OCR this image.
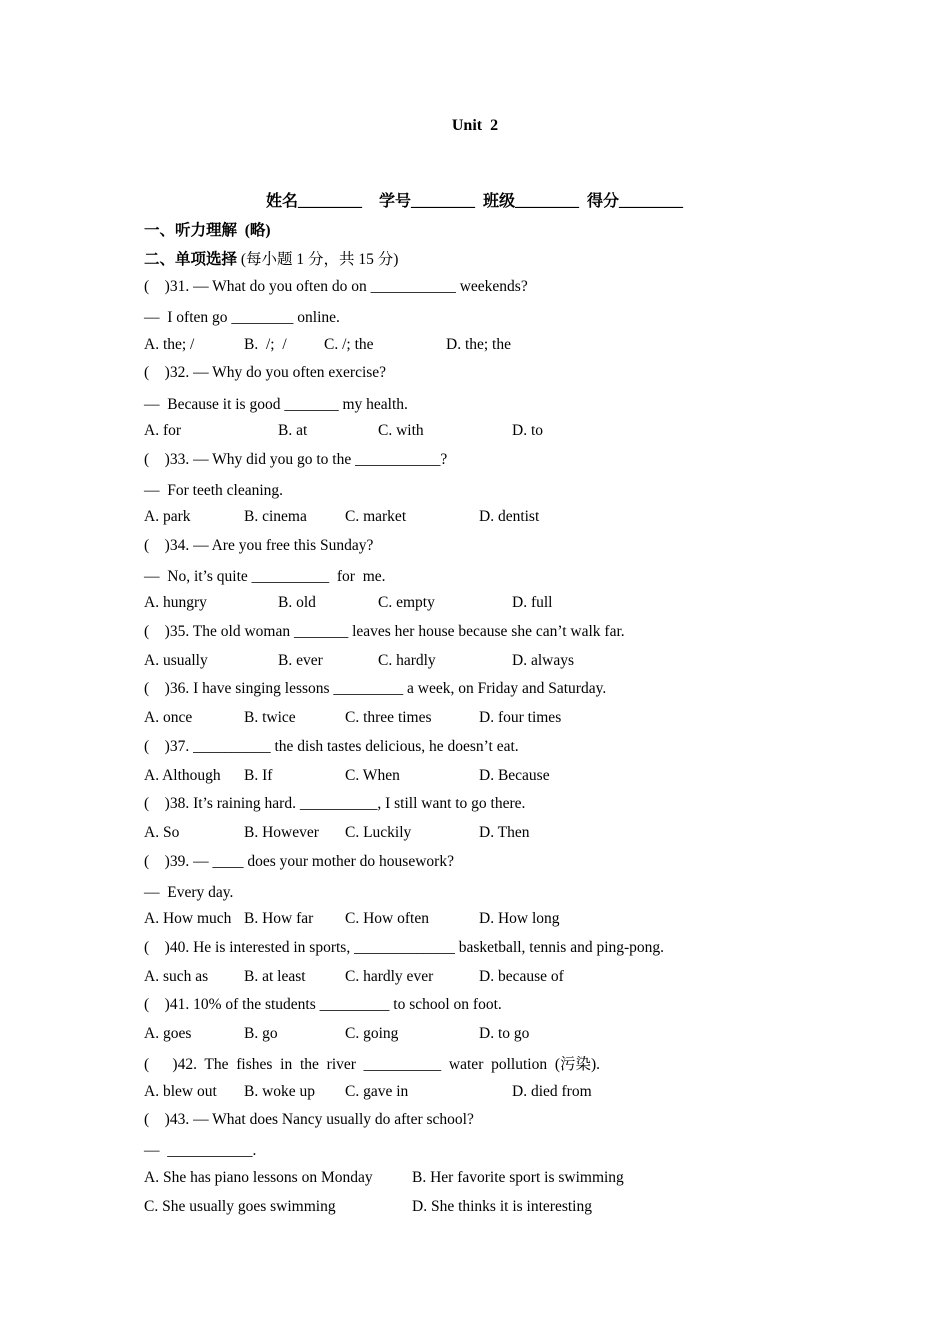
Unit  2

姓名________ 学号________ 班级________ 得分________

一、听力理解  (略)
二、单项选择 (每小题 1 分，共 15 分)
(    )31. — What do you often do on ___________ weekends?
—  I often go ________ online.
A. the; /	B.  /;  / C. /; the	D. the; the
(    )32. — Why do you often exercise?
—  Because it is good _______ my health.
A. for	B. at	C. with	D. to
(    )33. — Why did you go to the ___________?
—  For teeth cleaning.
A. park	B. cinema C. market	D. dentist
(    )34. — Are you free this Sunday?
—  No, it’s quite __________  for  me.
A. hungry	B. old	C. empty	D. full
(    )35. The old woman _______ leaves her house because she can’t walk far.
A. usually	B. ever	C. hardly	D. always
(    )36. I have singing lessons _________ a week, on Friday and Saturday.
A. once	B. twice	C. three times	D. four times
(    )37. __________ the dish tastes delicious, he doesn’t eat.
A. Although B. If	C. When	D. Because
(    )38. It’s raining hard. __________, I still want to go there.
A. So	B. However C. Luckily	D. Then
(    )39. — ____ does your mother do housework?
—  Every day.
A. How much B. How far C. How often	D. How long
(    )40. He is interested in sports, _____________ basketball, tennis and ping-pong.
A. such as B. at least	C. hardly ever	D. because of
(    )41. 10% of the students _________ to school on foot.
A. goes	B. go	C. going	D. to go
(      )42.  The  fishes  in  the  river  __________  water  pollution  (污染).
A. blew out B. woke up C. gave in	D. died from
(    )43. — What does Nancy usually do after school?
—  ___________.
A. She has piano lessons on Monday	B. Her favorite sport is swimming
C. She usually goes swimming	D. She thinks it is interesting
